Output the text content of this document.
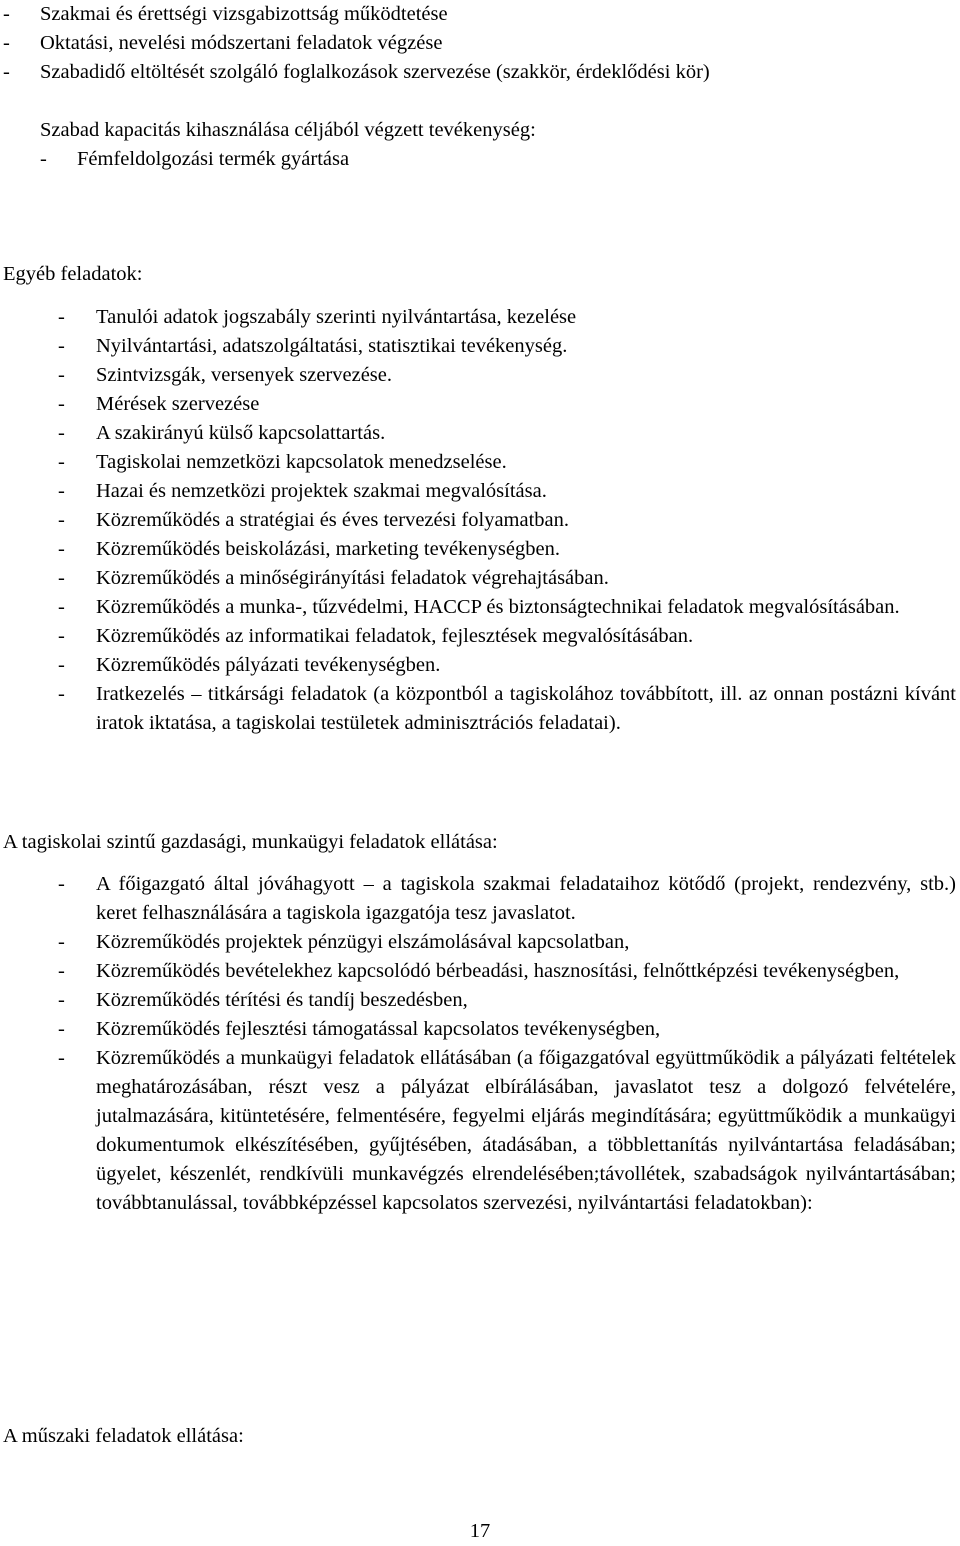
- Szakmai és érettségi vizsgabizottság működtetése
- Oktatási, nevelési módszertani feladatok végzése
- Szabadidő eltöltését szolgáló foglalkozások szervezése (szakkör, érdeklődési kör)
Szabad kapacitás kihasználása céljából végzett tevékenység:
- Fémfeldolgozási termék gyártása
Egyéb feladatok:
- Tanulói adatok jogszabály szerinti nyilvántartása, kezelése
- Nyilvántartási, adatszolgáltatási, statisztikai tevékenység.
- Szintvizsgák, versenyek szervezése.
- Mérések szervezése
- A szakirányú külső kapcsolattartás.
- Tagiskolai nemzetközi kapcsolatok menedzselése.
- Hazai és nemzetközi projektek szakmai megvalósítása.
- Közreműködés a stratégiai és éves tervezési folyamatban.
- Közreműködés beiskolázási, marketing tevékenységben.
- Közreműködés a minőségirányítási feladatok végrehajtásában.
- Közreműködés a munka-, tűzvédelmi, HACCP és biztonságtechnikai feladatok megvalósításában.
- Közreműködés az informatikai feladatok, fejlesztések megvalósításában.
- Közreműködés pályázati tevékenységben.
- Iratkezelés – titkársági feladatok (a központból a tagiskolához továbbított, ill. az onnan postázni kívánt iratok iktatása, a tagiskolai testületek adminisztrációs feladatai).
A tagiskolai szintű gazdasági, munkaügyi feladatok ellátása:
- A főigazgató által jóváhagyott – a tagiskola szakmai feladataihoz kötődő (projekt, rendezvény, stb.) keret felhasználására a tagiskola igazgatója tesz javaslatot.
- Közreműködés projektek pénzügyi elszámolásával kapcsolatban,
- Közreműködés bevételekhez kapcsolódó bérbeadási, hasznosítási, felnőttképzési tevékenységben,
- Közreműködés térítési és tandíj beszedésben,
- Közreműködés fejlesztési támogatással kapcsolatos tevékenységben,
- Közreműködés a munkaügyi feladatok ellátásában (a főigazgatóval együttműködik a pályázati feltételek meghatározásában, részt vesz a pályázat elbírálásában, javaslatot tesz a dolgozó felvételére, jutalmazására, kitüntetésére, felmentésére, fegyelmi eljárás megindítására; együttműködik a munkaügyi dokumentumok elkészítésében, gyűjtésében, átadásában, a többlettanítás nyilvántartása feladásában; ügyelet, készenlét, rendkívüli munkavégzés elrendelésében;távollétek, szabadságok nyilvántartásában; továbbtanulással, továbbképzéssel kapcsolatos szervezési, nyilvántartási feladatokban):
A műszaki feladatok ellátása:
17
